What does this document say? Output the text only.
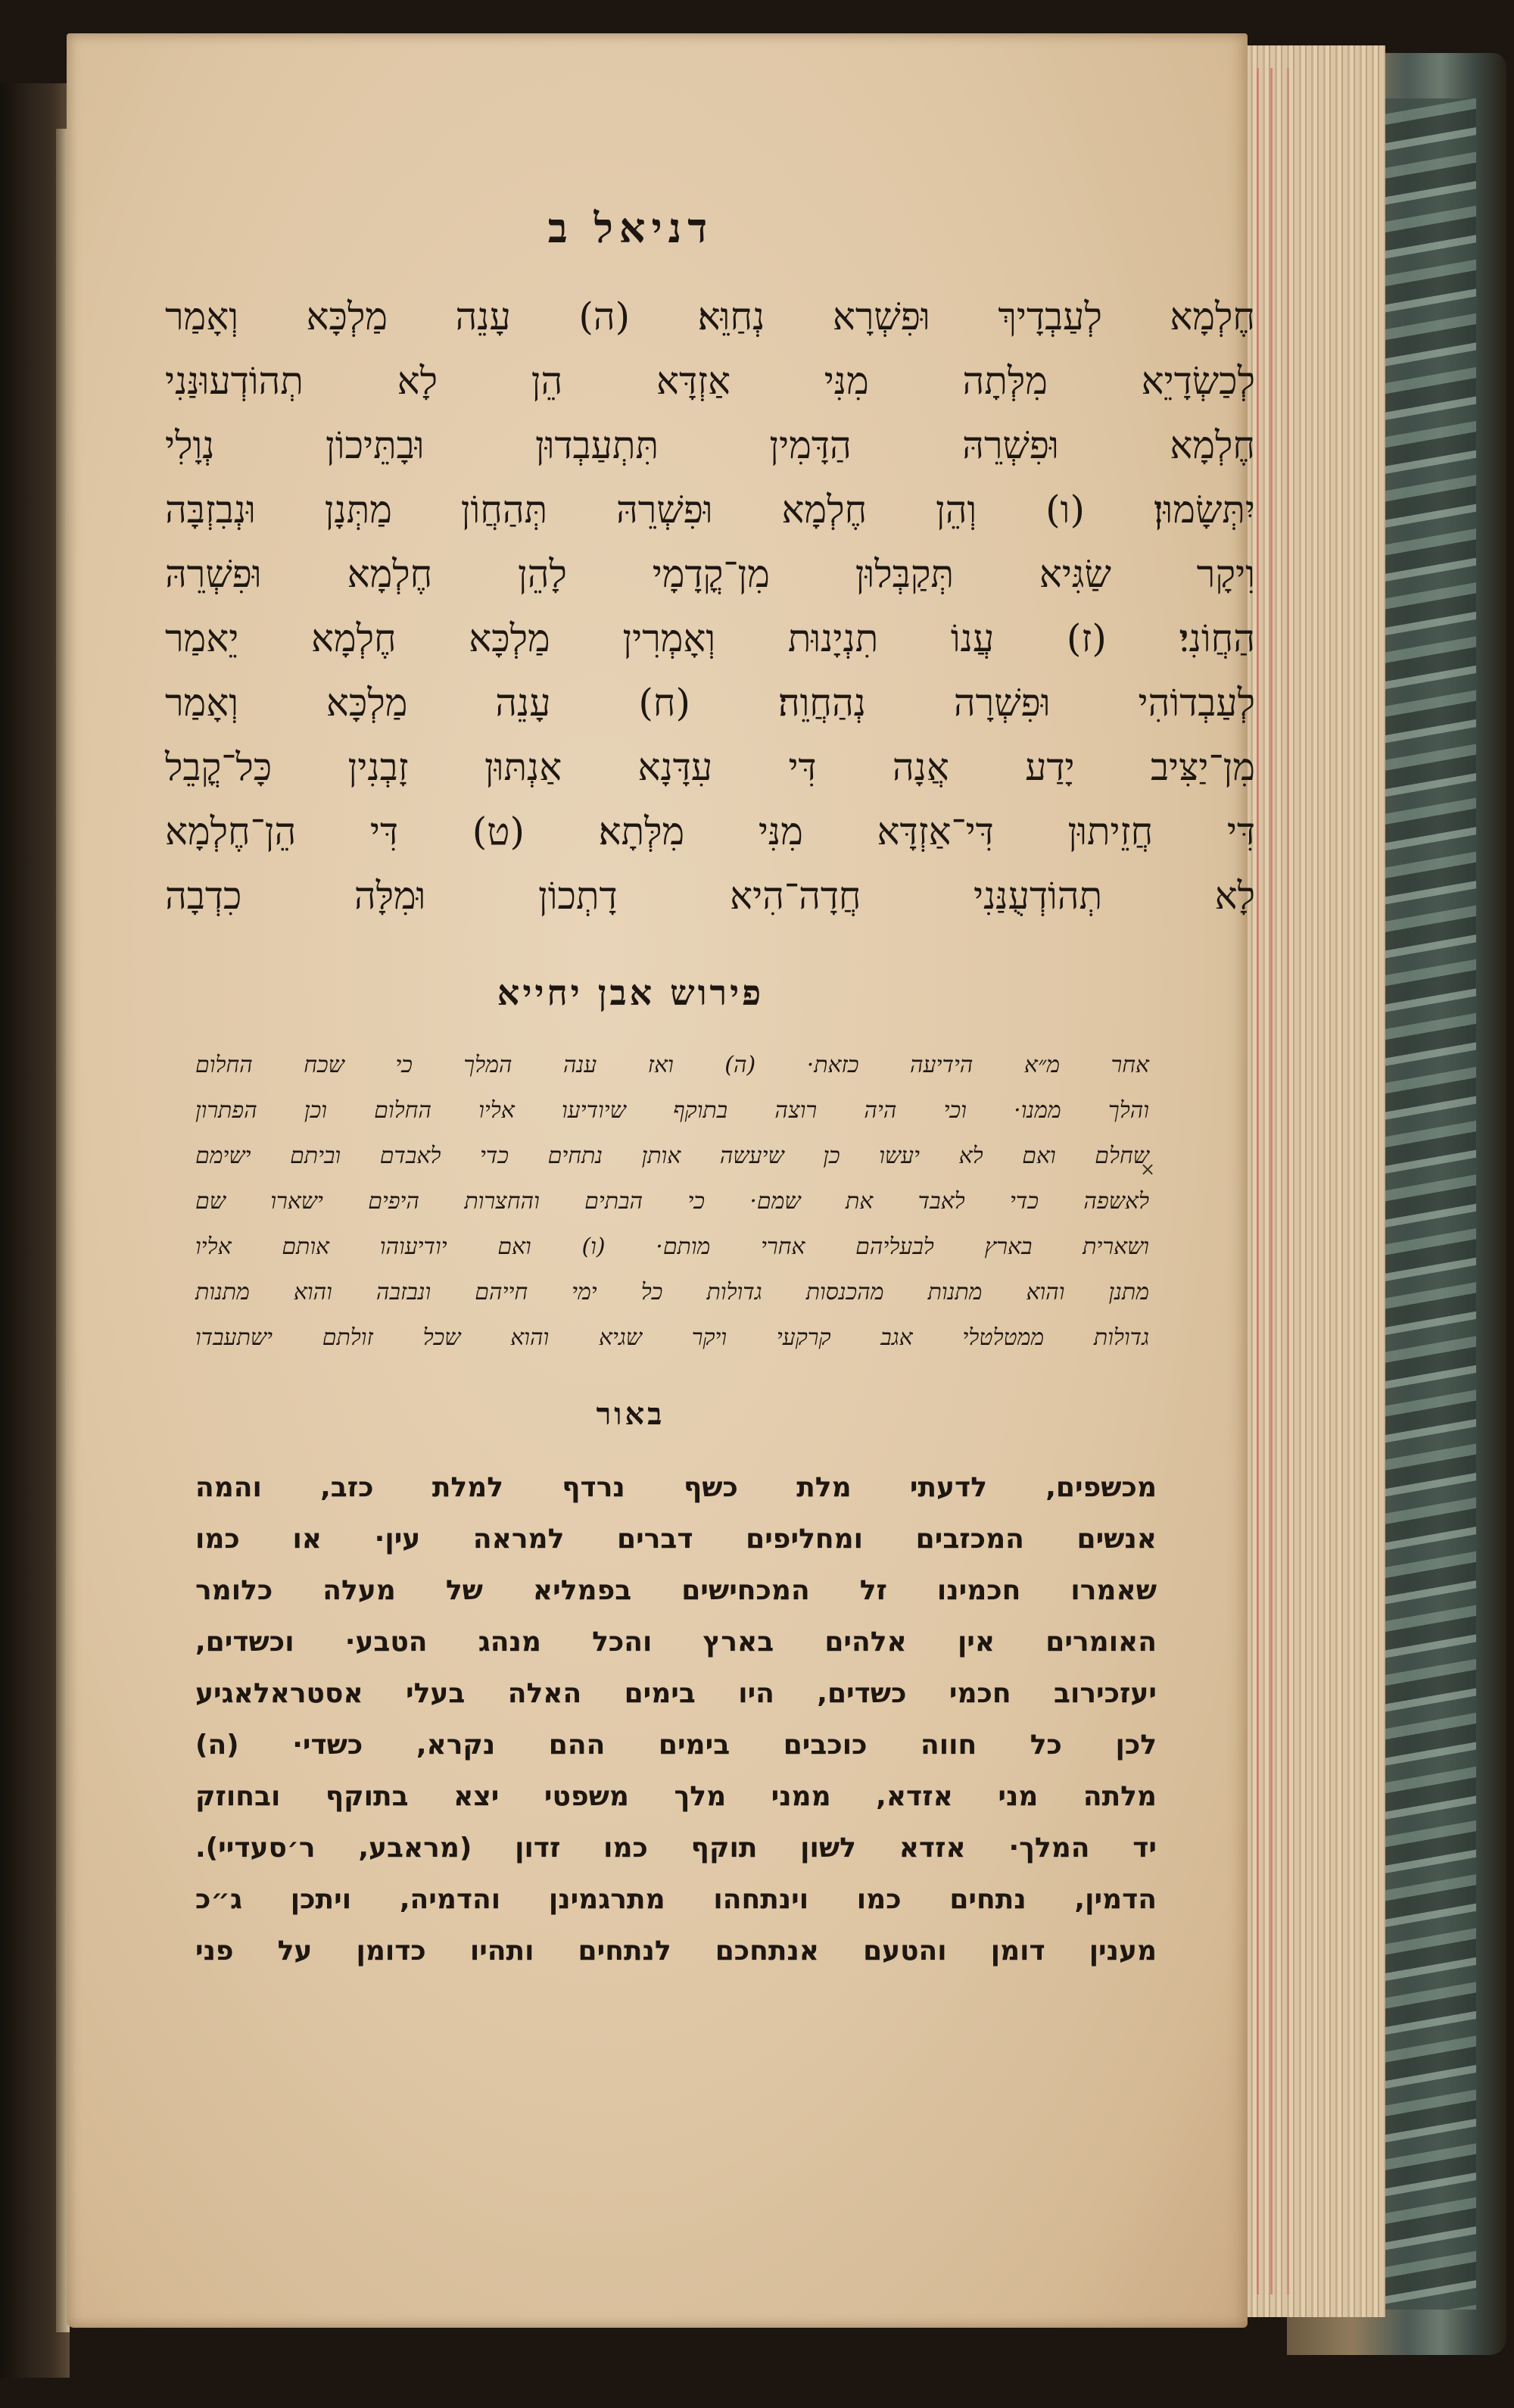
דניאל ב
חֶלְמָא לְעַבְדָיךְ וּפִשְׁרָא נְחַוֵּא׃ (ה) עָנֵה מַלְכָּא וְאָמַר
לְכַשְׂדָיֵא מִלְּתָה מִנִּי אַזְדָּא הֵן לָא תְהוֹדְעוּנַּנִי
חֶלְמָא וּפִשְׁרֵהּ הַדָּמִין תִּתְעַבְדוּן וּבָתֵּיכוֹן נְוָלִי
יִתְּשָׂמוּן׃ (ו) וְהֵן חֶלְמָא וּפִשְׁרֵהּ תְּהַחֲוֹן מַתְּנָן וּנְבִזְבָּה
וִיקָר שַׂגִּיא תְּקַבְּלוּן מִן־קֳדָמָי לָהֵן חֶלְמָא וּפִשְׁרֵהּ
הַחֲוֹנִי׃ (ז) עֲנוֹ תִנְיָנוּת וְאָמְרִין מַלְכָּא חֶלְמָא יֵאמַר
לְעַבְדוֹהִי וּפִשְׁרָה נְהַחֲוֵה׃ (ח) עָנֵה מַלְכָּא וְאָמַר
מִן־יַצִּיב יָדַע אֲנָה דִּי עִדָּנָא אַנְתּוּן זָבְנִין כָּל־קֳבֵל
דִּי חֲזֵיתוּן דִּי־אַזְדָּא מִנִּי מִלְּתָא׃ (ט) דִּי הֵן־חֶלְמָא
לָא תְהוֹדְעֻנַּנִי חֲדָה־הִיא דָתְכוֹן וּמִלָּה כִדְבָה
פירוש אבן יחייא
אחר מ״א הידיעה כזאת· (ה) ואז ענה המלך כי שכח החלום
והלך ממנו· וכי היה רוצה בתוקף שיודיעו אליו החלום וכן הפתרון
שחלם ואם לא יעשו כן שיעשה אותן נתחים כדי לאבדם וביתם ישימם
לאשפה כדי לאבד את שמם· כי הבתים והחצרות היפים ישארו שם
ושארית בארץ לבעליהם אחרי מותם· (ו) ואם יודיעוהו אותם אליו
מתנן והוא מתנות מהכנסות גדולות כל ימי חייהם ונבזבה והוא מתנות
גדולות ממטלטלי אגב קרקעי ויקר שגיא והוא שכל זולתם ישתעבדו
×
באור
מכשפים, לדעתי מלת כשף נרדף למלת כזב, והמה
אנשים המכזבים ומחליפים דברים למראה עין· או כמו
שאמרו חכמינו זל המכחישים בפמליא של מעלה כלומר
האומרים אין אלהים בארץ והכל מנהג הטבע· וכשדים,
יעזכירוב חכמי כשדים, היו בימים האלה בעלי אסטראלאגיע
לכן כל חווה כוכבים בימים ההם נקרא, כשדי· (ה)
מלתה מני אזדא, ממני מלך משפטי יצא בתוקף ובחוזק
יד המלך· אזדא לשון תוקף כמו זדון (מראבע, ר׳סעדיי).
הדמין, נתחים כמו וינתחהו מתרגמינן והדמיה, ויתכן ג״כ
מענין דומן והטעם אנתחכם לנתחים ותהיו כדומן על פני
